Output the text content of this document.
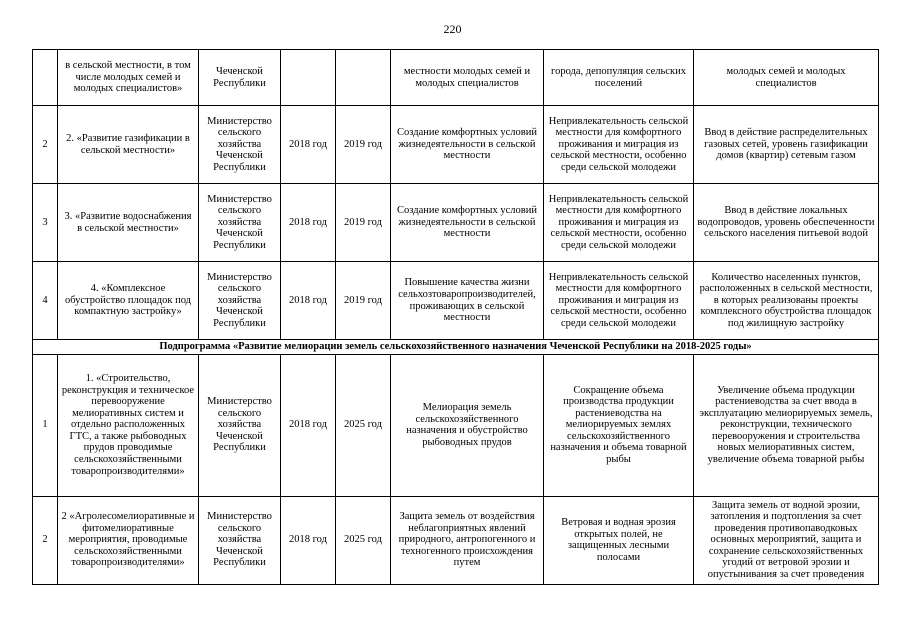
220
	в сельской местности, в том числе молодых семей и молодых специалистов»	Чеченской Республики			местности молодых семей и молодых специалистов	города, депопуляция сельских поселений	молодых семей и молодых специалистов
2	2. «Развитие газификации в сельской местности»	Министерство сельского хозяйства Чеченской Республики	2018 год	2019 год	Создание комфортных условий жизнедеятельности в сельской местности	Непривлекательность сельской местности для комфортного проживания и миграция из сельской местности, особенно среди сельской молодежи	Ввод в действие распределительных газовых сетей, уровень газификации домов (квартир) сетевым газом
3	3. «Развитие водоснабжения в сельской местности»	Министерство сельского хозяйства Чеченской Республики	2018 год	2019 год	Создание комфортных условий жизнедеятельности в сельской местности	Непривлекательность сельской местности для комфортного проживания и миграция из сельской местности, особенно среди сельской молодежи	Ввод в действие локальных водопроводов, уровень обеспеченности сельского населения питьевой водой
4	4. «Комплексное обустройство площадок под компактную застройку»	Министерство сельского хозяйства Чеченской Республики	2018 год	2019 год	Повышение качества жизни сельхозтоваропроизводителей, проживающих в сельской местности	Непривлекательность сельской местности для комфортного проживания и миграция из сельской местности, особенно среди сельской молодежи	Количество населенных пунктов, расположенных в сельской местности, в которых реализованы проекты комплексного обустройства площадок под жилищную застройку
Подпрограмма «Развитие мелиорации земель сельскохозяйственного назначения Чеченской Республики на 2018-2025 годы»							
1	1. «Строительство, реконструкция и техническое перевооружение мелиоративных систем и отдельно расположенных ГТС, а также рыбоводных прудов проводимые сельскохозяйственными товаропроизводителями»	Министерство сельского хозяйства Чеченской Республики	2018 год	2025 год	Мелиорация земель сельскохозяйственного назначения и обустройство рыбоводных прудов	Сокращение объема производства продукции растениеводства на мелиорируемых землях сельскохозяйственного назначения и объема товарной рыбы	Увеличение объема продукции растениеводства за счет ввода в эксплуатацию мелиорируемых земель, реконструкции, технического перевооружения и строительства новых мелиоративных систем, увеличение объема товарной рыбы
2	2 «Агролесомелиоративные и фитомелиоративные мероприятия, проводимые сельскохозяйственными товаропроизводителями»	Министерство сельского хозяйства Чеченской Республики	2018 год	2025 год	Защита земель от воздействия неблагоприятных явлений природного, антропогенного и техногенного происхождения путем	Ветровая и водная эрозия открытых полей, не защищенных лесными полосами	Защита земель от водной эрозии, затопления и подтопления за счет проведения противопаводковых основных мероприятий, защита и сохранение сельскохозяйственных угодий от ветровой эрозии и опустынивания за счет проведения
